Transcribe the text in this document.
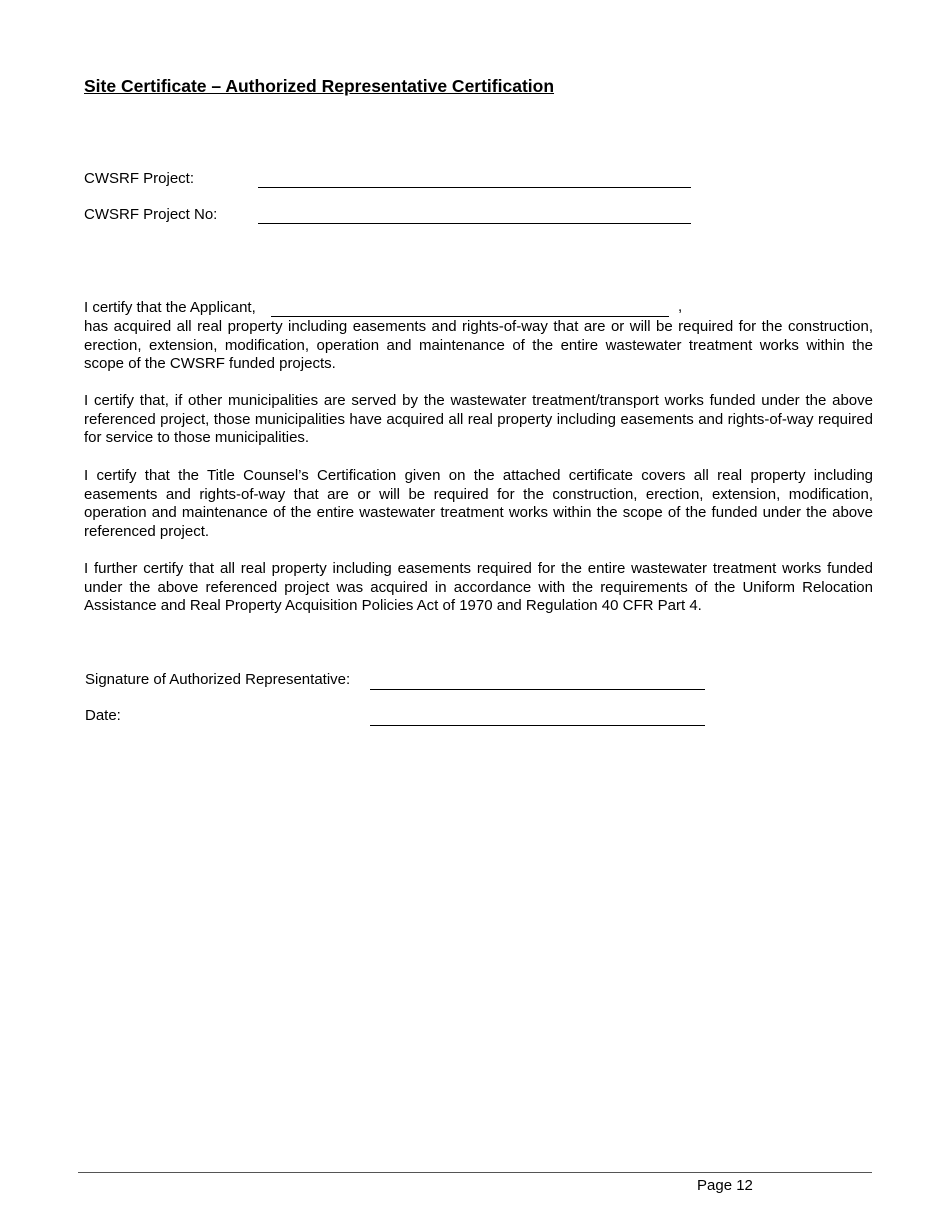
Site Certificate – Authorized Representative Certification
CWSRF Project:
CWSRF Project No:
I certify that the Applicant,	,
has acquired all real property including easements and rights-of-way that are or will be required for the construction, erection, extension, modification, operation and maintenance of the entire wastewater treatment works within the scope of the CWSRF funded projects.
I certify that, if other municipalities are served by the wastewater treatment/transport works funded under the above referenced project, those municipalities have acquired all real property including easements and rights-of-way required for service to those municipalities.
I certify that the Title Counsel’s Certification given on the attached certificate covers all real property including easements and rights-of-way that are or will be required for the construction, erection, extension, modification, operation and maintenance of the entire wastewater treatment works within the scope of the funded under the above referenced project.
I further certify that all real property including easements required for the entire wastewater treatment works funded under the above referenced project was acquired in accordance with the requirements of the Uniform Relocation Assistance and Real Property Acquisition Policies Act of 1970 and Regulation 40 CFR Part 4.
Signature of Authorized Representative:
Date:
Page 12
